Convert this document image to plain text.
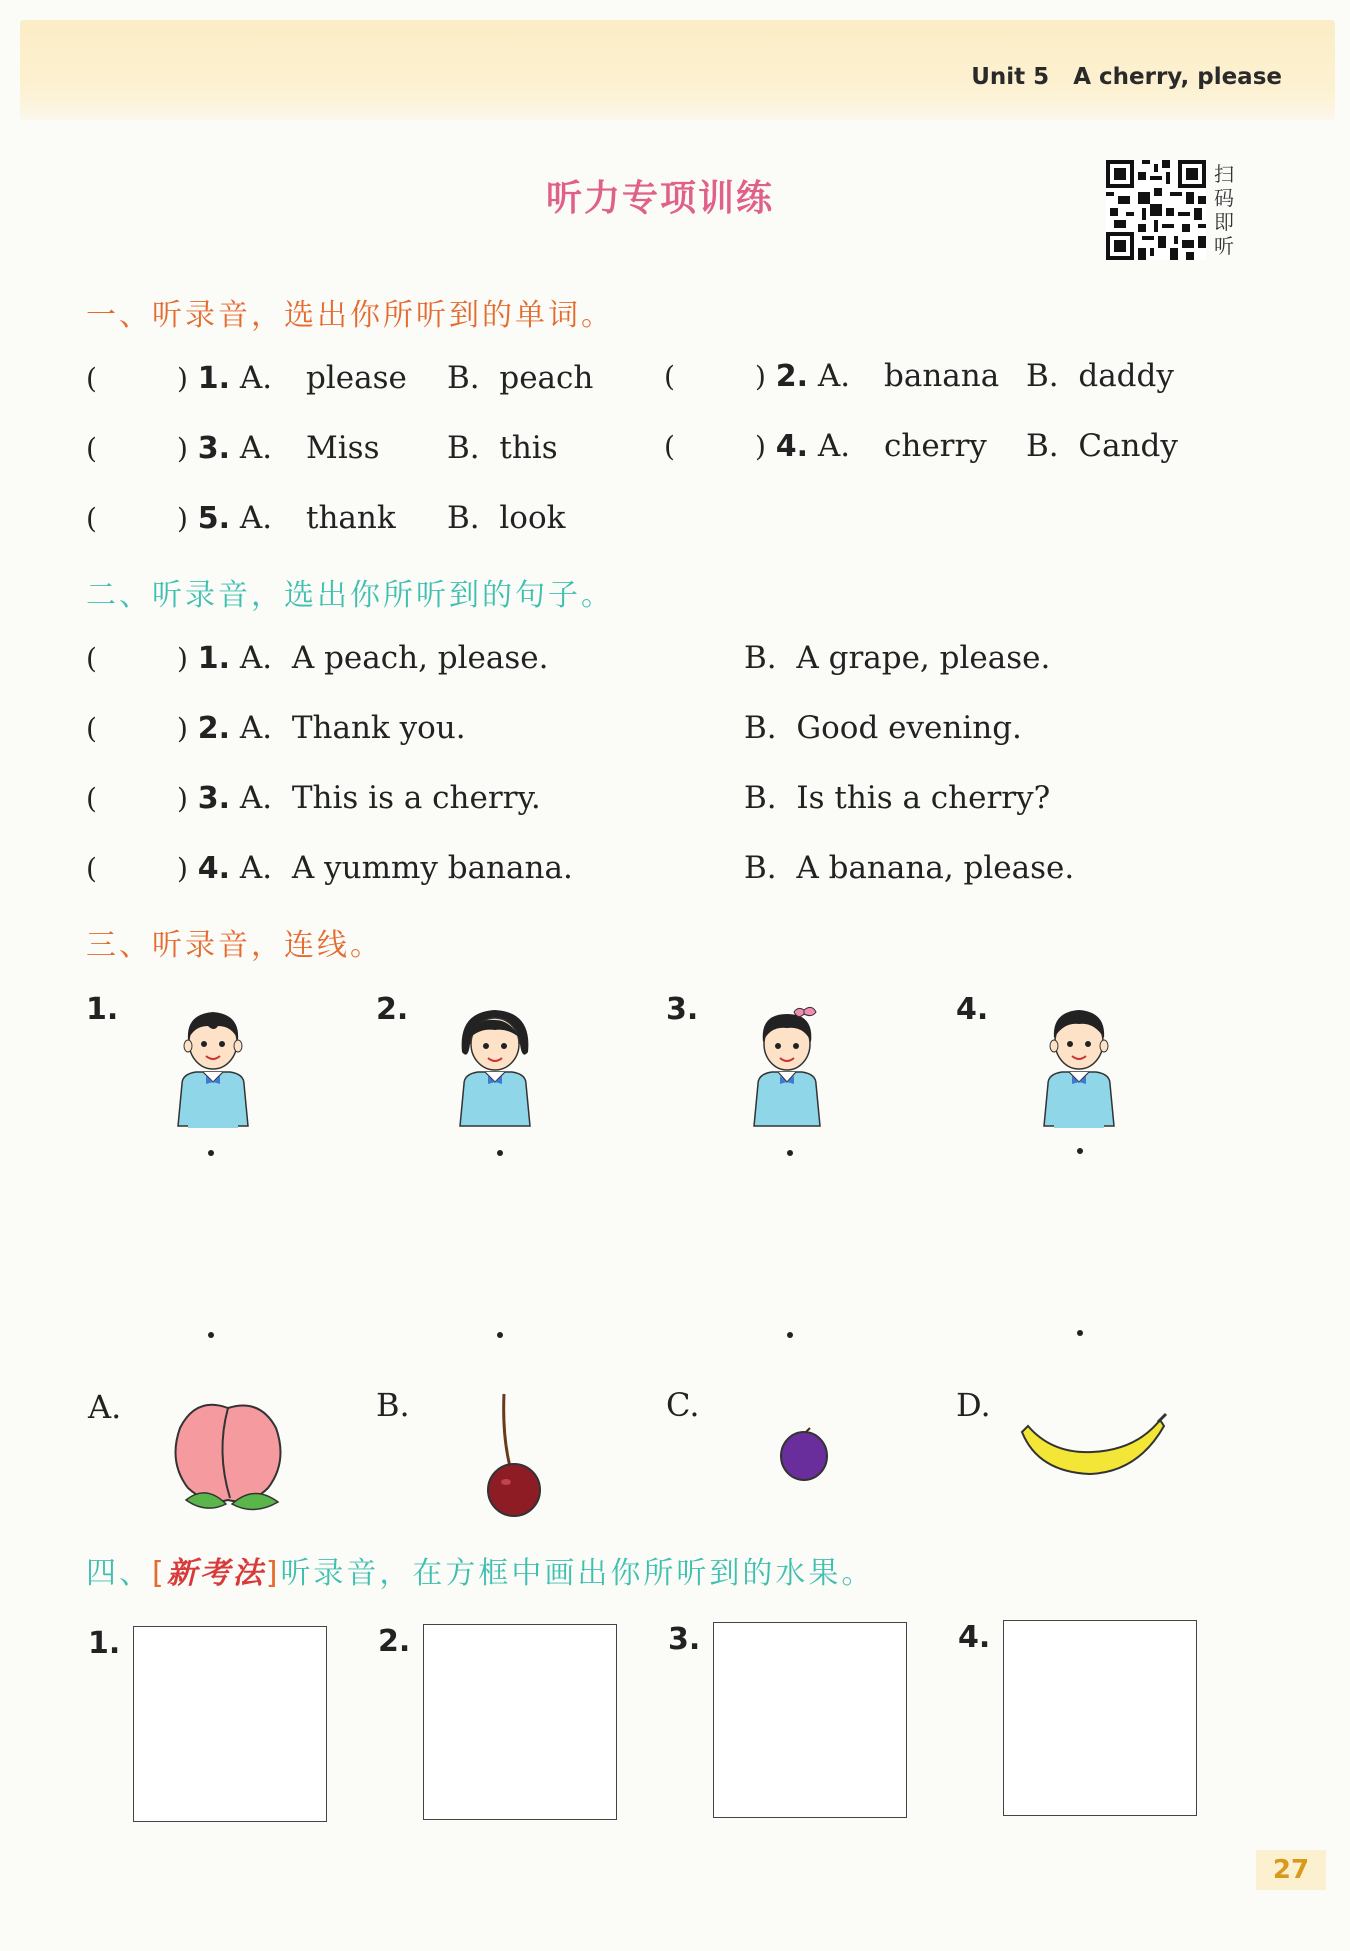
Unit 5 A cherry, please
听力专项训练
扫
码
即
听
一、听录音，选出你所听到的单词。
(	) 1. A. please B. peach	(	) 2. A. banana B. daddy
(	) 3. A. Miss B. this	(	) 4. A. cherry B. Candy
(	) 5. A. thank B. look
二、听录音，选出你所听到的句子。
(	) 1. A. A peach, please.	B. A grape, please.
(	) 2. A. Thank you.	B. Good evening.
(	) 3. A. This is a cherry.	B. Is this a cherry?
(	) 4. A. A yummy banana.	B. A banana, please.
三、听录音，连线。
1.	2.	3.	4.
A.	B.	C.	D.
四、[新考法]听录音，在方框中画出你所听到的水果。
1.	2.	3.	4.
27
